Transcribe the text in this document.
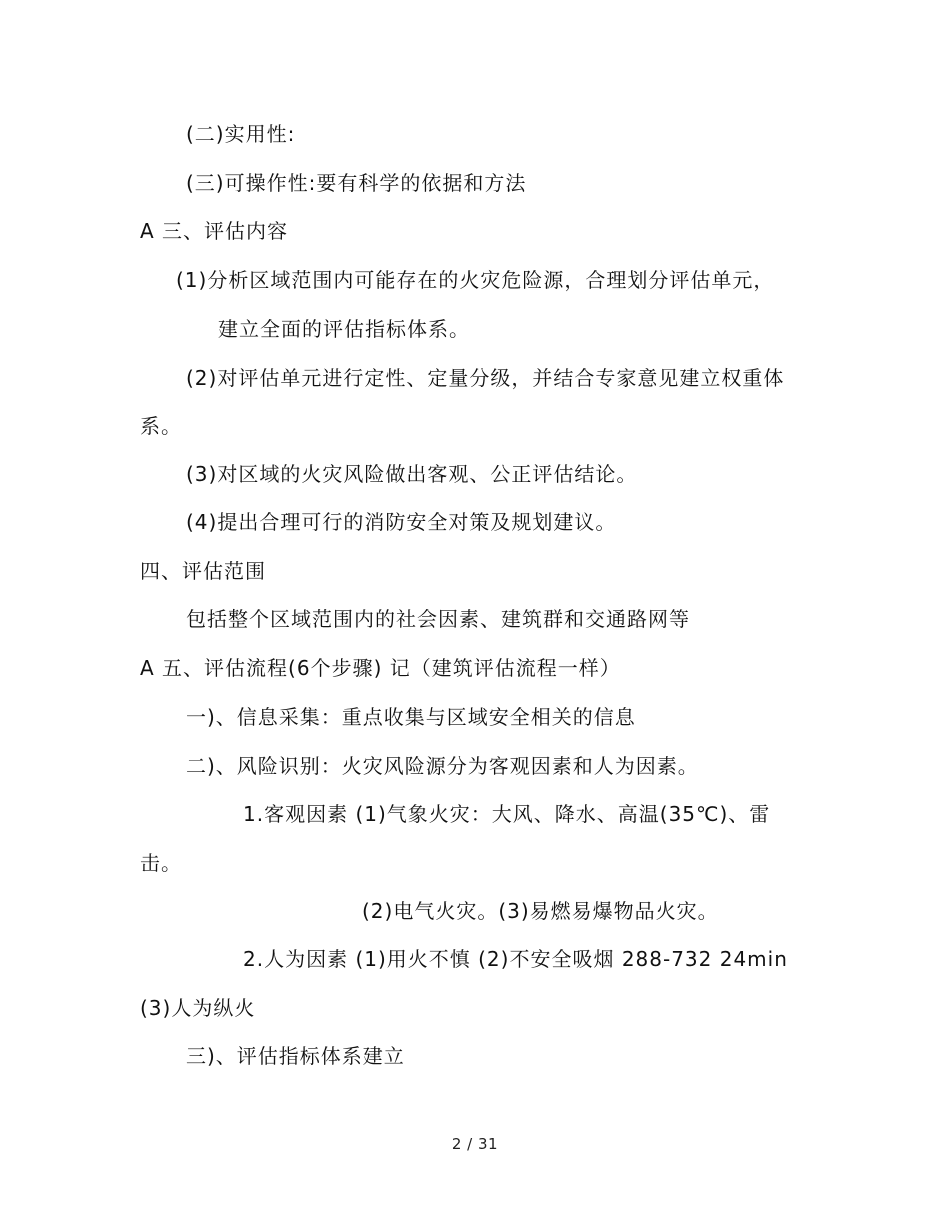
(二)实用性:
(三)可操作性:要有科学的依据和方法
A 三、评估内容
(1)分析区域范围内可能存在的火灾危险源，合理划分评估单元，
建立全面的评估指标体系。
(2)对评估单元进行定性、定量分级，并结合专家意见建立权重体
系。
(3)对区域的火灾风险做出客观、公正评估结论。
(4)提出合理可行的消防安全对策及规划建议。
四、评估范围
包括整个区域范围内的社会因素、建筑群和交通路网等
A 五、评估流程(6个步骤) 记（建筑评估流程一样）
一)、信息采集：重点收集与区域安全相关的信息
二)、风险识别：火灾风险源分为客观因素和人为因素。
1.客观因素 (1)气象火灾：大风、降水、高温(35℃)、雷
击。
(2)电气火灾。(3)易燃易爆物品火灾。
2.人为因素 (1)用火不慎 (2)不安全吸烟 288-732 24min
(3)人为纵火
三)、评估指标体系建立
2 / 31
